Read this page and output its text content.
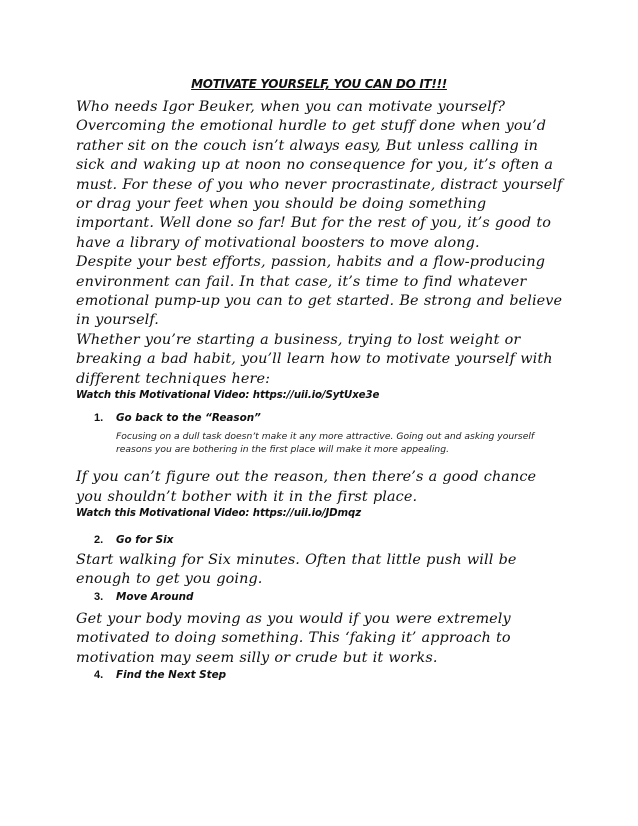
MOTIVATE YOURSELF, YOU CAN DO IT!!!

Who needs Igor Beuker, when you can motivate yourself? Overcoming the emotional hurdle to get stuff done when you’d rather sit on the couch isn’t always easy, But unless calling in sick and waking up at noon no consequence for you, it’s often a must. For these of you who never procrastinate, distract yourself or drag your feet when you should be doing something important. Well done so far! But for the rest of you, it’s good to have a library of motivational boosters to move along.

Despite your best efforts, passion, habits and a flow-producing environment can fail. In that case, it’s time to find whatever emotional pump-up you can to get started. Be strong and believe in yourself.

Whether you’re starting a business, trying to lost weight or breaking a bad habit, you’ll learn how to motivate yourself with different techniques here:

Watch this Motivational Video: https://uii.io/SytUxe3e

1. Go back to the “Reason”

Focusing on a dull task doesn’t make it any more attractive. Going out and asking yourself reasons you are bothering in the first place will make it more appealing.

If you can’t figure out the reason, then there’s a good chance you shouldn’t bother with it in the first place.

Watch this Motivational Video: https://uii.io/JDmqz

2. Go for Six

Start walking for Six minutes. Often that little push will be enough to get you going.

3. Move Around

Get your body moving as you would if you were extremely motivated to doing something. This ‘faking it’ approach to motivation may seem silly or crude but it works.

4. Find the Next Step
